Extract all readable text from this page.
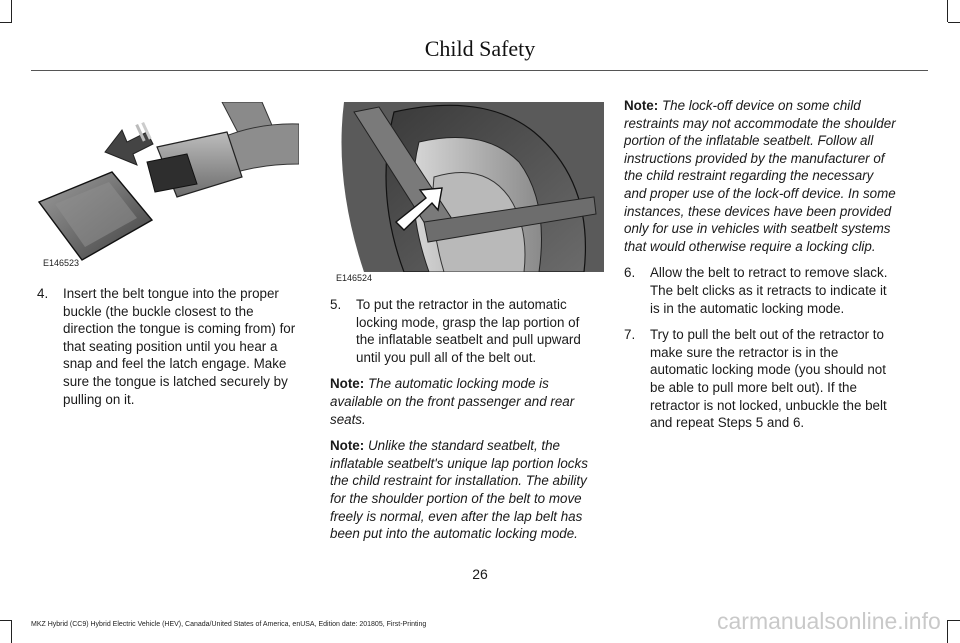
Child Safety
E146523
E146524
4.	Insert the belt tongue into the proper buckle (the buckle closest to the direction the tongue is coming from) for that seating position until you hear a snap and feel the latch engage. Make sure the tongue is latched securely by pulling on it.
5.	To put the retractor in the automatic locking mode, grasp the lap portion of the inflatable seatbelt and pull upward until you pull all of the belt out.

Note: The automatic locking mode is available on the front passenger and rear seats.

Note: Unlike the standard seatbelt, the inflatable seatbelt's unique lap portion locks the child restraint for installation. The ability for the shoulder portion of the belt to move freely is normal, even after the lap belt has been put into the automatic locking mode.

Note: The lock-off device on some child restraints may not accommodate the shoulder portion of the inflatable seatbelt. Follow all instructions provided by the manufacturer of the child restraint regarding the necessary and proper use of the lock-off device. In some instances, these devices have been provided only for use in vehicles with seatbelt systems that would otherwise require a locking clip.

6.	Allow the belt to retract to remove slack. The belt clicks as it retracts to indicate it is in the automatic locking mode.
7.	Try to pull the belt out of the retractor to make sure the retractor is in the automatic locking mode (you should not be able to pull more belt out). If the retractor is not locked, unbuckle the belt and repeat Steps 5 and 6.
26
MKZ Hybrid (CC9) Hybrid Electric Vehicle (HEV), Canada/United States of America, enUSA, Edition date: 201805, First-Printing	carmanualsonline.info
